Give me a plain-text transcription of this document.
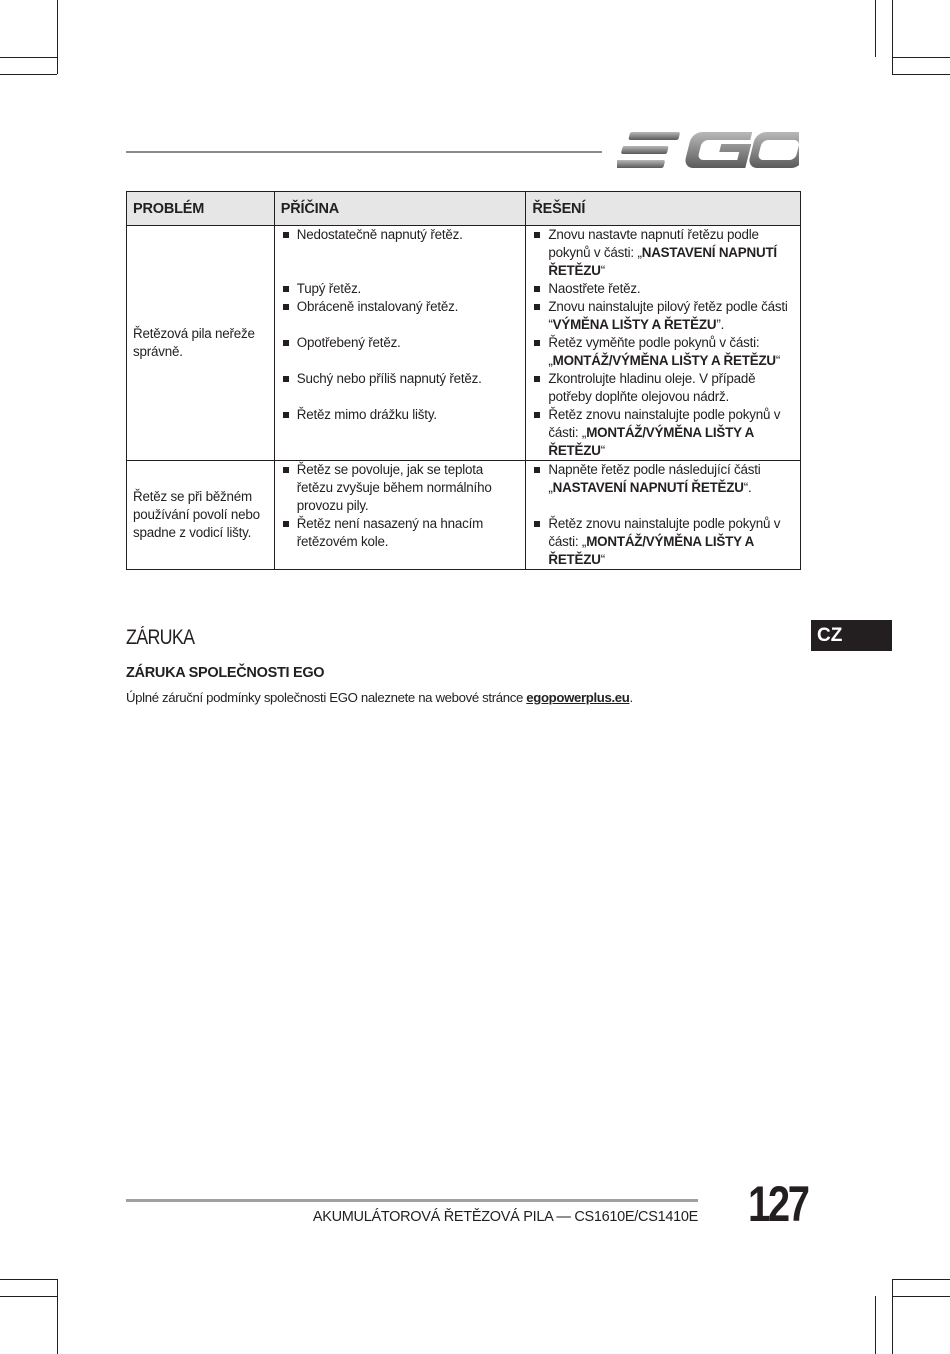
PROBLÉM	PŘÍČINA	ŘEŠENÍ
Řetězová pila neřeže správně.	Nedostatečně napnutý řetěz.	Znovu nastavte napnutí řetězu podle pokynů v části: „NASTAVENÍ NAPNUTÍ ŘETĚZU“

	Tupý řetěz.	Naostřete řetěz.

	Obráceně instalovaný řetěz.	Znovu nainstalujte pilový řetěz podle části “VÝMĚNA LIŠTY A ŘETĚZU”.

	Opotřebený řetěz.	Řetěz vyměňte podle pokynů v části: „MONTÁŽ/VÝMĚNA LIŠTY A ŘETĚZU“

	Suchý nebo příliš napnutý řetěz.	Zkontrolujte hladinu oleje. V případě potřeby doplňte olejovou nádrž.

	Řetěz mimo drážku lišty.	Řetěz znovu nainstalujte podle pokynů v části: „MONTÁŽ/VÝMĚNA LIŠTY A ŘETĚZU“

Řetěz se při běžném používání povolí nebo spadne z vodicí lišty.	Řetěz se povoluje, jak se teplota řetězu zvyšuje během normálního provozu pily.	Napněte řetěz podle následující části „NASTAVENÍ NAPNUTÍ ŘETĚZU“.

	Řetěz není nasazený na hnacím řetězovém kole.	Řetěz znovu nainstalujte podle pokynů v části: „MONTÁŽ/VÝMĚNA LIŠTY A ŘETĚZU“
CZ
ZÁRUKA
ZÁRUKA SPOLEČNOSTI EGO
Úplné záruční podmínky společnosti EGO naleznete na webové stránce egopowerplus.eu.
AKUMULÁTOROVÁ ŘETĚZOVÁ PILA — CS1610E/CS1410E 127
